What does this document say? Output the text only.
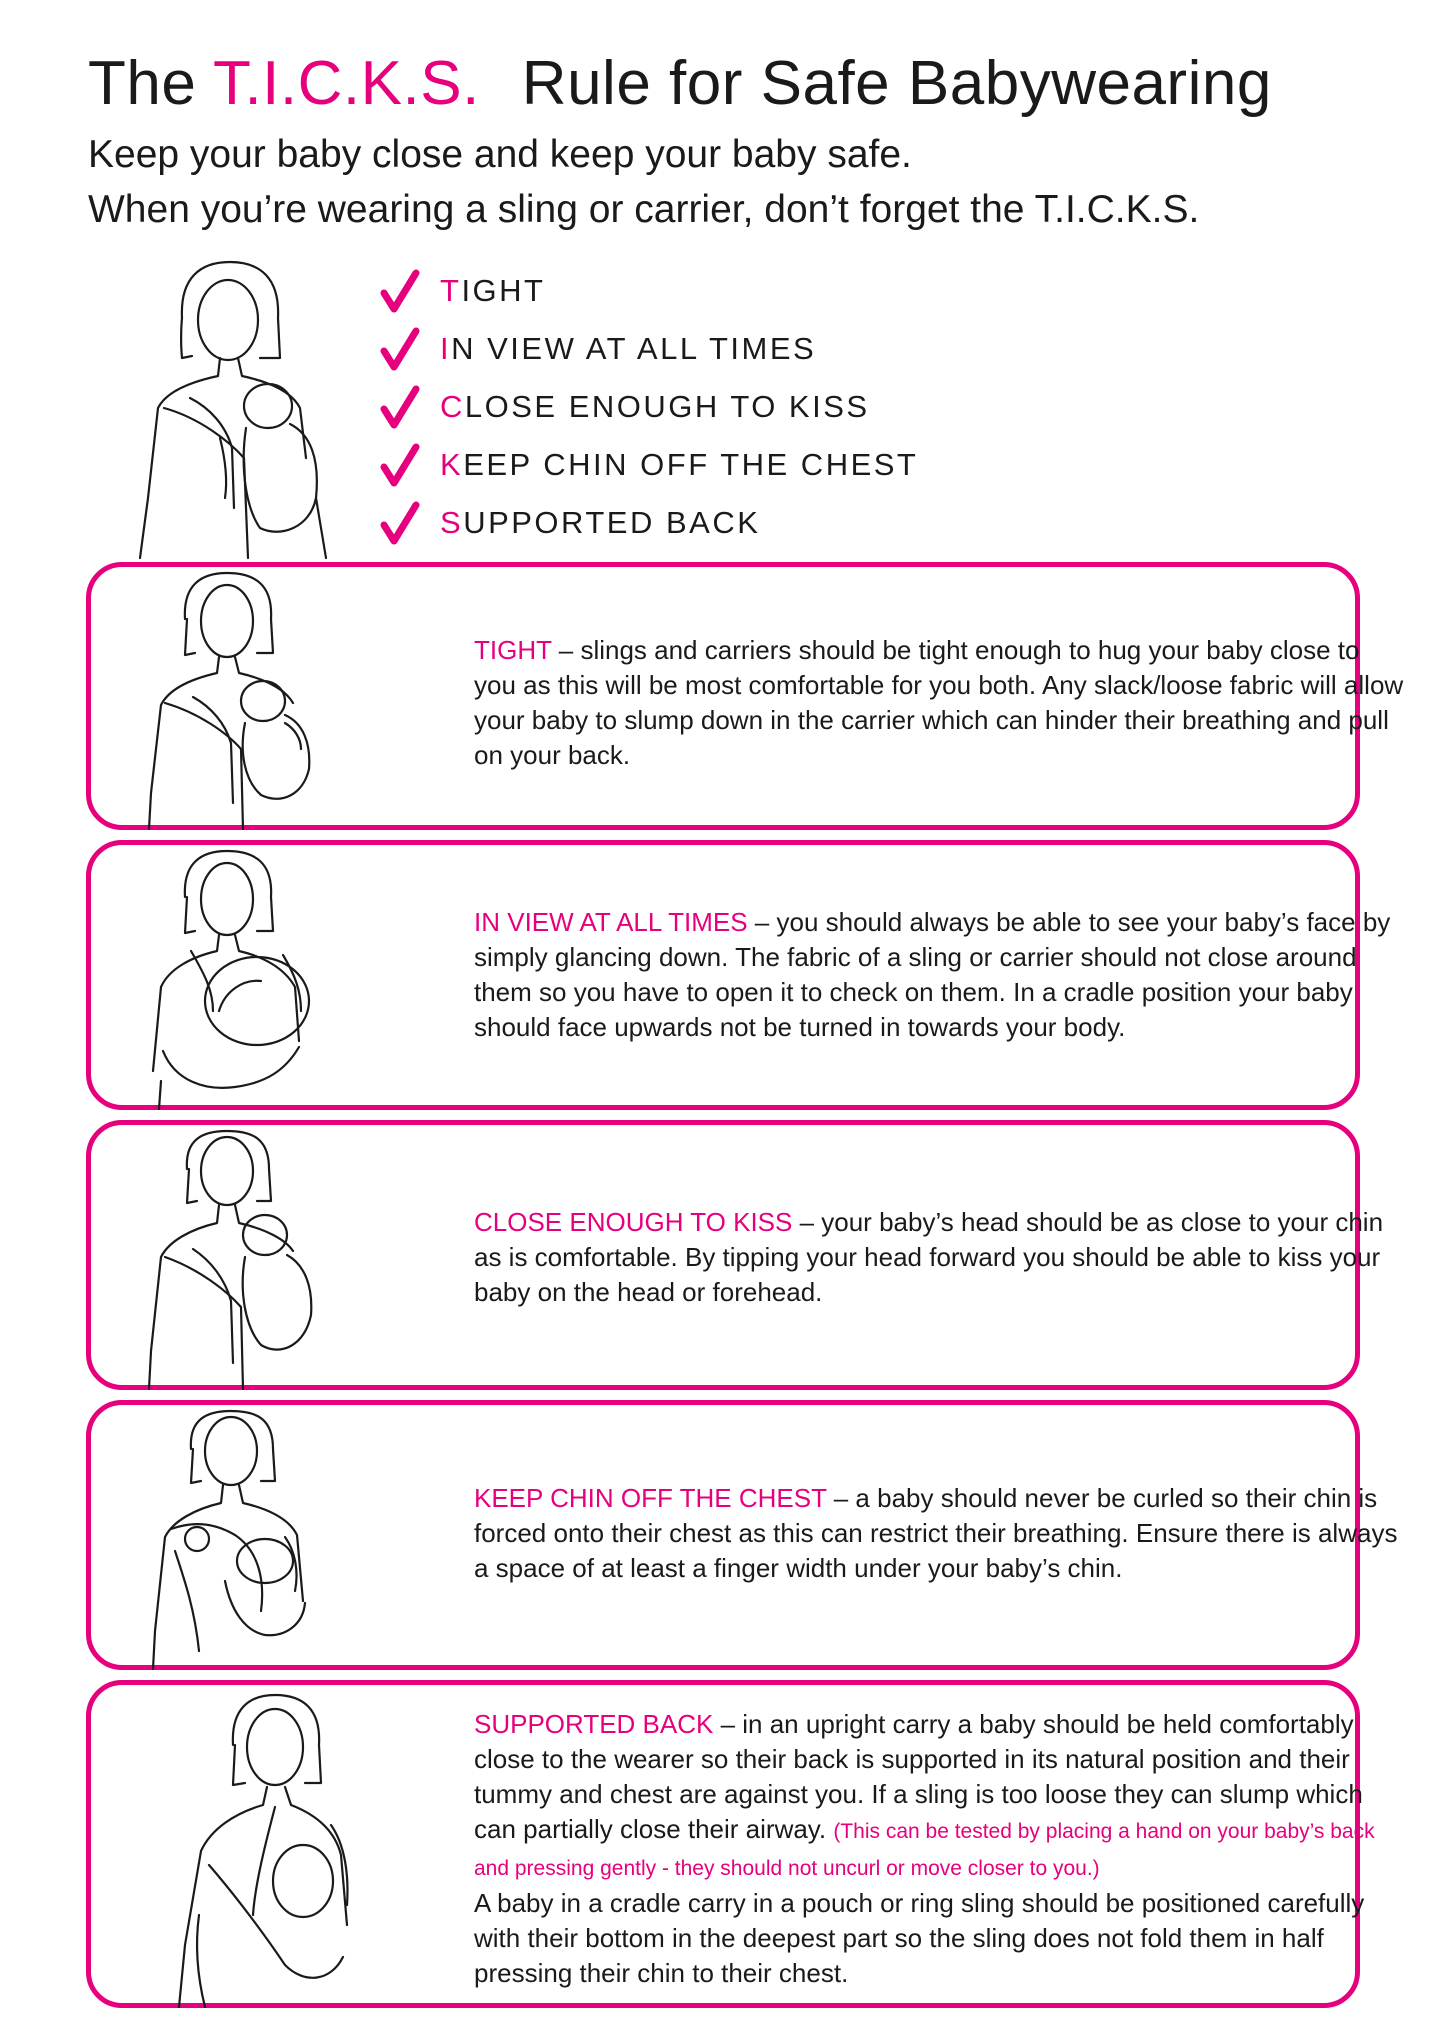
The T.I.C.K.S. Rule for Safe Babywearing
Keep your baby close and keep your baby safe.
When you’re wearing a sling or carrier, don’t forget the T.I.C.K.S.
T IGHT
I N VIEW AT ALL TIMES
C LOSE ENOUGH TO KISS
K EEP CHIN OFF THE CHEST
S UPPORTED BACK
TIGHT – slings and carriers should be tight enough to hug your baby close to you as this will be most comfortable for you both. Any slack/loose fabric will allow your baby to slump down in the carrier which can hinder their breathing and pull on your back.
IN VIEW AT ALL TIMES – you should always be able to see your baby’s face by simply glancing down. The fabric of a sling or carrier should not close around them so you have to open it to check on them. In a cradle position your baby should face upwards not be turned in towards your body.
CLOSE ENOUGH TO KISS – your baby’s head should be as close to your chin as is comfortable. By tipping your head forward you should be able to kiss your baby on the head or forehead.
KEEP CHIN OFF THE CHEST – a baby should never be curled so their chin is forced onto their chest as this can restrict their breathing. Ensure there is always a space of at least a finger width under your baby’s chin.
SUPPORTED BACK – in an upright carry a baby should be held comfortably close to the wearer so their back is supported in its natural position and their tummy and chest are against you. If a sling is too loose they can slump which can partially close their airway. (This can be tested by placing a hand on your baby’s back and pressing gently - they should not uncurl or move closer to you.)
A baby in a cradle carry in a pouch or ring sling should be positioned carefully with their bottom in the deepest part so the sling does not fold them in half pressing their chin to their chest.
